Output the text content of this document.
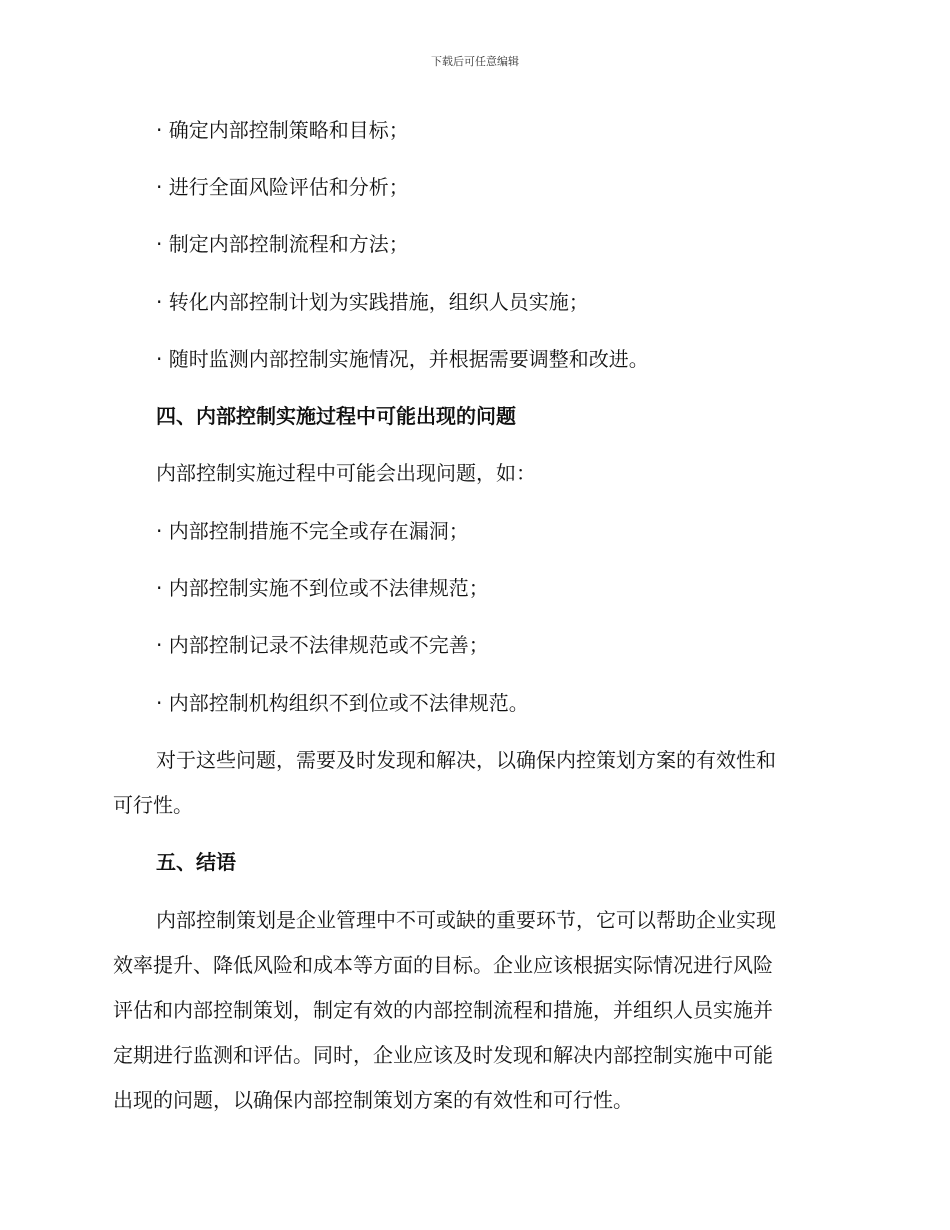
下载后可任意编辑
· 确定内部控制策略和目标；
· 进行全面风险评估和分析；
· 制定内部控制流程和方法；
· 转化内部控制计划为实践措施，组织人员实施；
· 随时监测内部控制实施情况，并根据需要调整和改进。
四、内部控制实施过程中可能出现的问题
内部控制实施过程中可能会出现问题，如：
· 内部控制措施不完全或存在漏洞；
· 内部控制实施不到位或不法律规范；
· 内部控制记录不法律规范或不完善；
· 内部控制机构组织不到位或不法律规范。
对于这些问题，需要及时发现和解决，以确保内控策划方案的有效性和
可行性。
五、结语
内部控制策划是企业管理中不可或缺的重要环节，它可以帮助企业实现
效率提升、降低风险和成本等方面的目标。企业应该根据实际情况进行风险
评估和内部控制策划，制定有效的内部控制流程和措施，并组织人员实施并
定期进行监测和评估。同时，企业应该及时发现和解决内部控制实施中可能
出现的问题，以确保内部控制策划方案的有效性和可行性。
